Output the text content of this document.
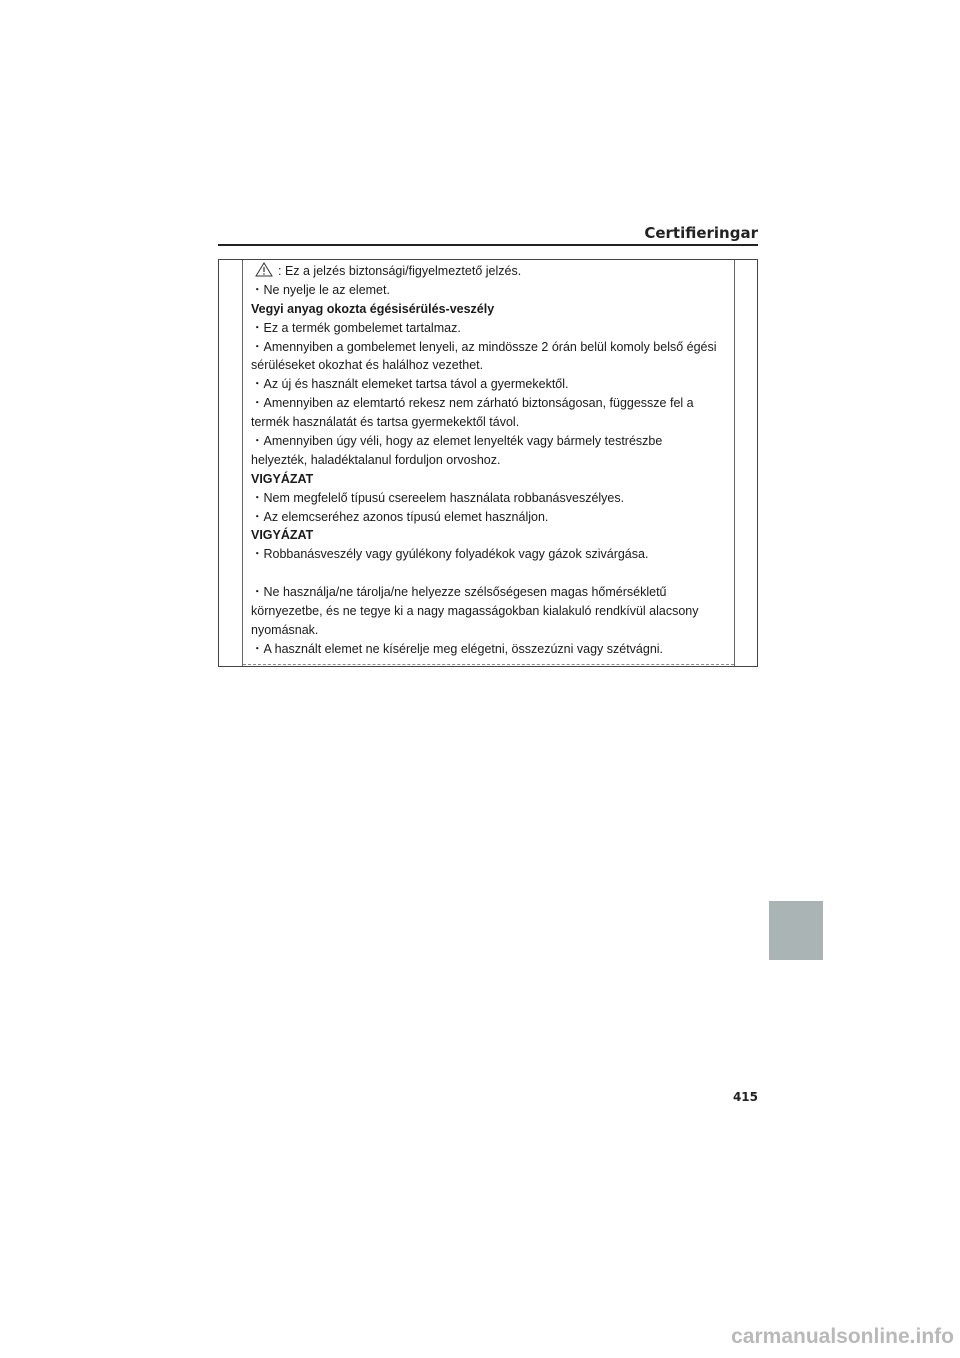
Certifieringar
: Ez a jelzés biztonsági/figyelmeztető jelzés.
・Ne nyelje le az elemet.
Vegyi anyag okozta égésisérülés-veszély
・Ez a termék gombelemet tartalmaz.
・Amennyiben a gombelemet lenyeli, az mindössze 2 órán belül komoly belső égési
sérüléseket okozhat és halálhoz vezethet.
・Az új és használt elemeket tartsa távol a gyermekektől.
・Amennyiben az elemtartó rekesz nem zárható biztonságosan, függessze fel a
termék használatát és tartsa gyermekektől távol.
・Amennyiben úgy véli, hogy az elemet lenyelték vagy bármely testrészbe
helyezték, haladéktalanul forduljon orvoshoz.
VIGYÁZAT
・Nem megfelelő típusú csereelem használata robbanásveszélyes.
・Az elemcseréhez azonos típusú elemet használjon.
VIGYÁZAT
・Robbanásveszély vagy gyúlékony folyadékok vagy gázok szivárgása.
・Ne használja/ne tárolja/ne helyezze szélsőségesen magas hőmérsékletű
környezetbe, és ne tegye ki a nagy magasságokban kialakuló rendkívül alacsony
nyomásnak.
・A használt elemet ne kísérelje meg elégetni, összezúzni vagy szétvágni.
415
carmanualsonline.info
